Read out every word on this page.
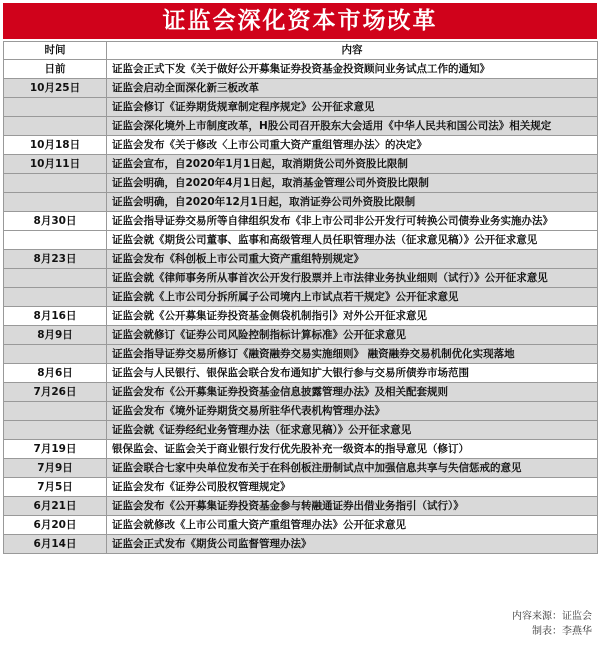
证监会深化资本市场改革
时间	内容
日前	证监会正式下发《关于做好公开募集证券投资基金投资顾问业务试点工作的通知》
10月25日	证监会启动全面深化新三板改革
	证监会修订《证券期货规章制定程序规定》公开征求意见
	证监会深化境外上市制度改革，H股公司召开股东大会适用《中华人民共和国公司法》相关规定
10月18日	证监会发布《关于修改〈上市公司重大资产重组管理办法〉的决定》
10月11日	证监会宣布，自2020年1月1日起，取消期货公司外资股比限制
	证监会明确，自2020年4月1日起，取消基金管理公司外资股比限制
	证监会明确，自2020年12月1日起，取消证券公司外资股比限制
8月30日	证监会指导证券交易所等自律组织发布《非上市公司非公开发行可转换公司债券业务实施办法》
	证监会就《期货公司董事、监事和高级管理人员任职管理办法（征求意见稿）》公开征求意见
8月23日	证监会发布《科创板上市公司重大资产重组特别规定》
	证监会就《律师事务所从事首次公开发行股票并上市法律业务执业细则（试行）》公开征求意见
	证监会就《上市公司分拆所属子公司境内上市试点若干规定》公开征求意见
8月16日	证监会就《公开募集证券投资基金侧袋机制指引》对外公开征求意见
8月9日	证监会就修订《证券公司风险控制指标计算标准》公开征求意见
	证监会指导证券交易所修订《融资融券交易实施细则》 融资融券交易机制优化实现落地
8月6日	证监会与人民银行、银保监会联合发布通知扩大银行参与交易所债券市场范围
7月26日	证监会发布《公开募集证券投资基金信息披露管理办法》及相关配套规则
	证监会发布《境外证券期货交易所驻华代表机构管理办法》
	证监会就《证券经纪业务管理办法（征求意见稿）》公开征求意见
7月19日	银保监会、证监会关于商业银行发行优先股补充一级资本的指导意见（修订）
7月9日	证监会联合七家中央单位发布关于在科创板注册制试点中加强信息共享与失信惩戒的意见
7月5日	证监会发布《证券公司股权管理规定》
6月21日	证监会发布《公开募集证券投资基金参与转融通证券出借业务指引（试行）》
6月20日	证监会就修改《上市公司重大资产重组管理办法》公开征求意见
6月14日	证监会正式发布《期货公司监督管理办法》
内容来源：证监会
制表：李燕华
